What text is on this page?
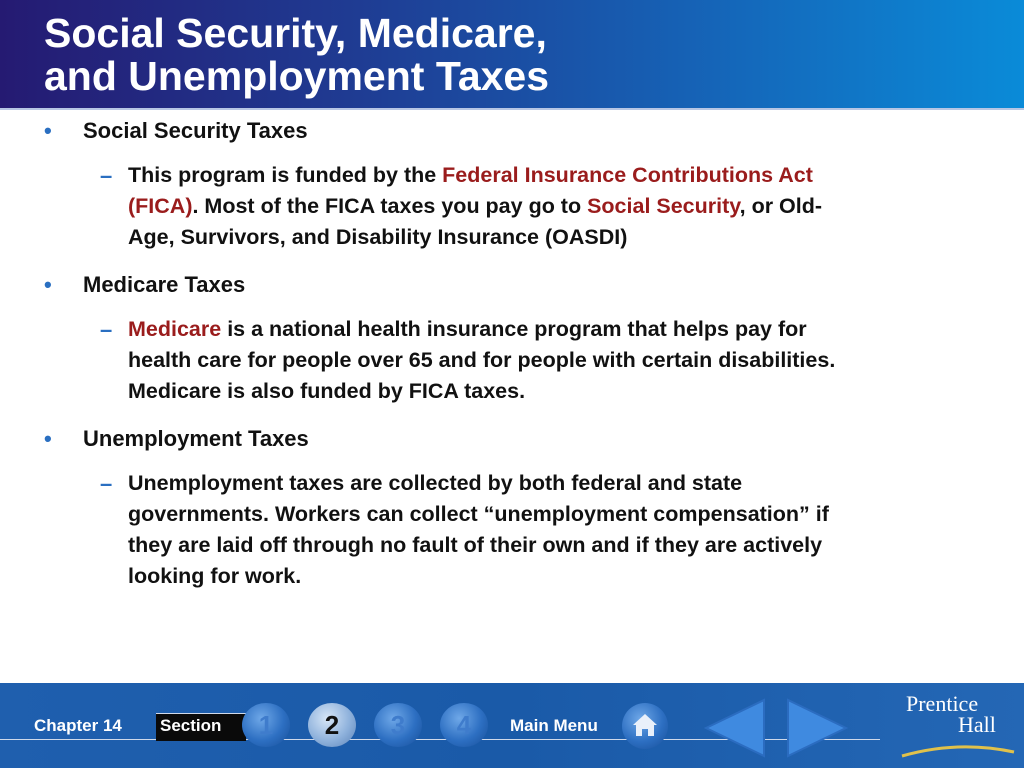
Social Security, Medicare,
and Unemployment Taxes
• Social Security Taxes
– This program is funded by the Federal Insurance Contributions Act
(FICA). Most of the FICA taxes you pay go to Social Security, or Old-
Age, Survivors, and Disability Insurance (OASDI)
• Medicare Taxes
– Medicare is a national health insurance program that helps pay for
health care for people over 65 and for people with certain disabilities.
Medicare is also funded by FICA taxes.
• Unemployment Taxes
– Unemployment taxes are collected by both federal and state
governments. Workers can collect “unemployment compensation” if
they are laid off through no fault of their own and if they are actively
looking for work.
Chapter 14 Section	1	2	3	4	Main Menu
Prentice
Hall
